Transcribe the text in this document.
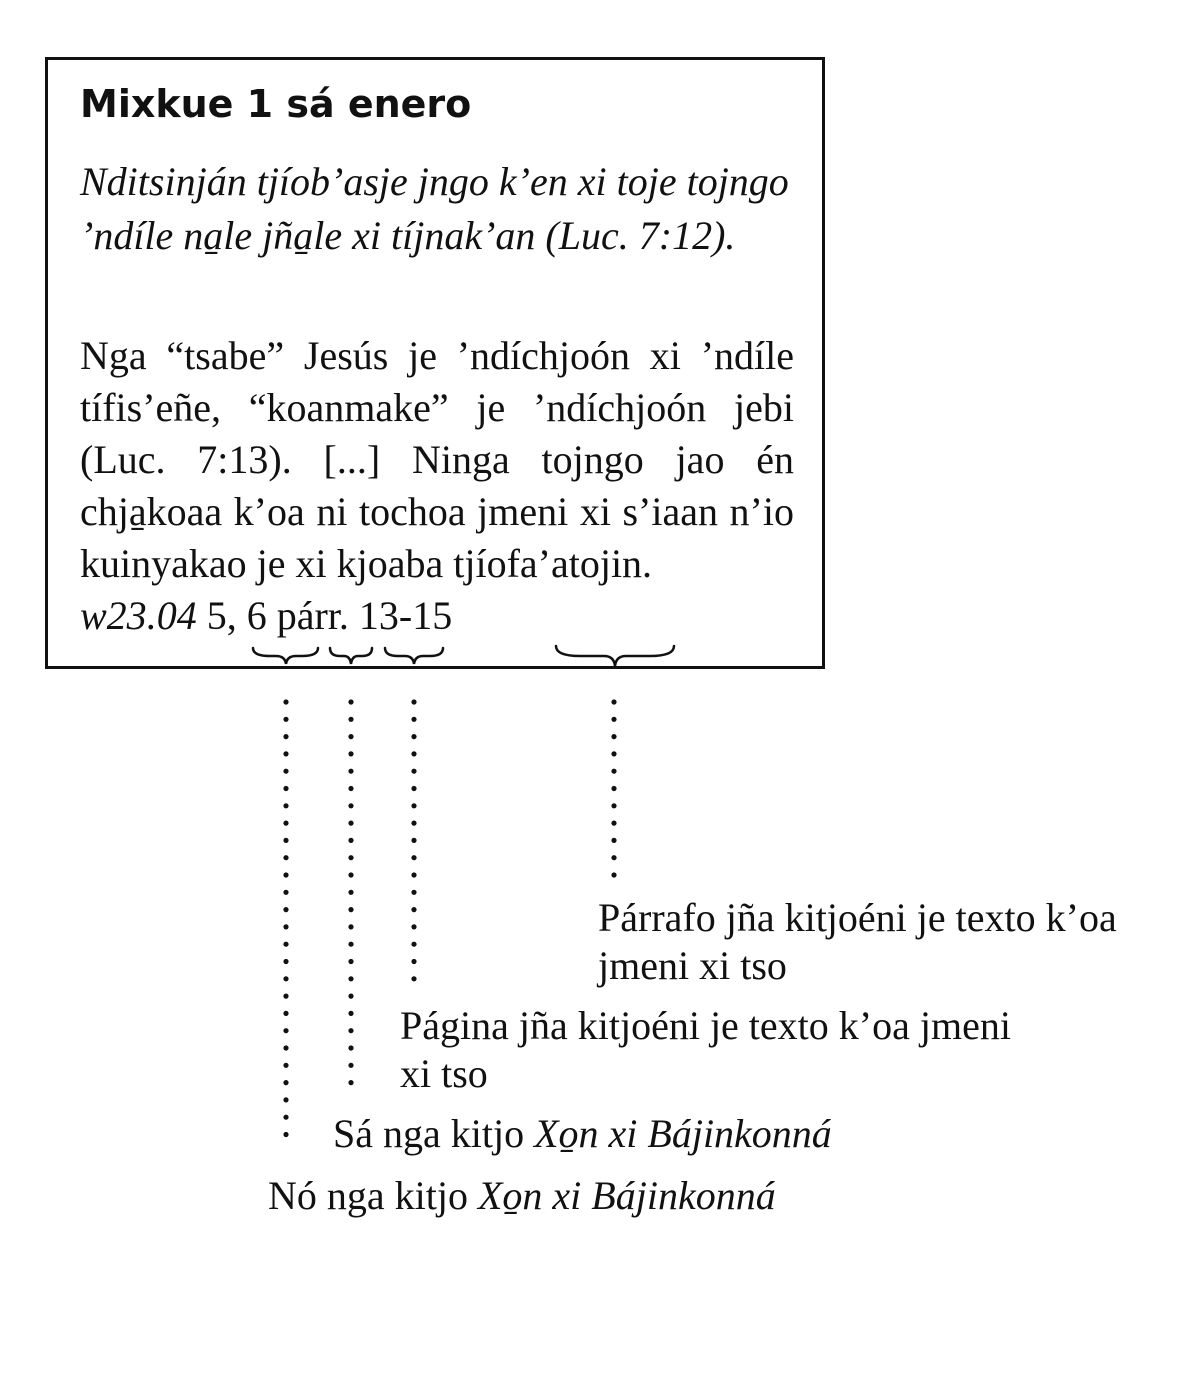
Mixkue 1 sá enero

Nditsinján tjíob’asje jngo k’en xi toje tojngo ’ndíle na̱le jña̱le xi tíjnak’an (Luc. 7:12).

Nga “tsabe” Jesús je ’ndíchjoón xi ’ndíle tífis’eñe, “koanmake” je ’ndíchjoón jebi (Luc. 7:13). [...] Ninga tojngo jao én chja̱koaa k’oa ni tochoa jmeni xi s’iaan n’io kuinyakao je xi kjoaba tjíofa’atojin.

w23.04 5, 6 párr. 13-15

Párrafo jña kitjoéni je texto k’oa jmeni xi tso

Página jña kitjoéni je texto k’oa jmeni xi tso

Sá nga kitjo Xo̱n xi Bájinkonná

Nó nga kitjo Xo̱n xi Bájinkonná
